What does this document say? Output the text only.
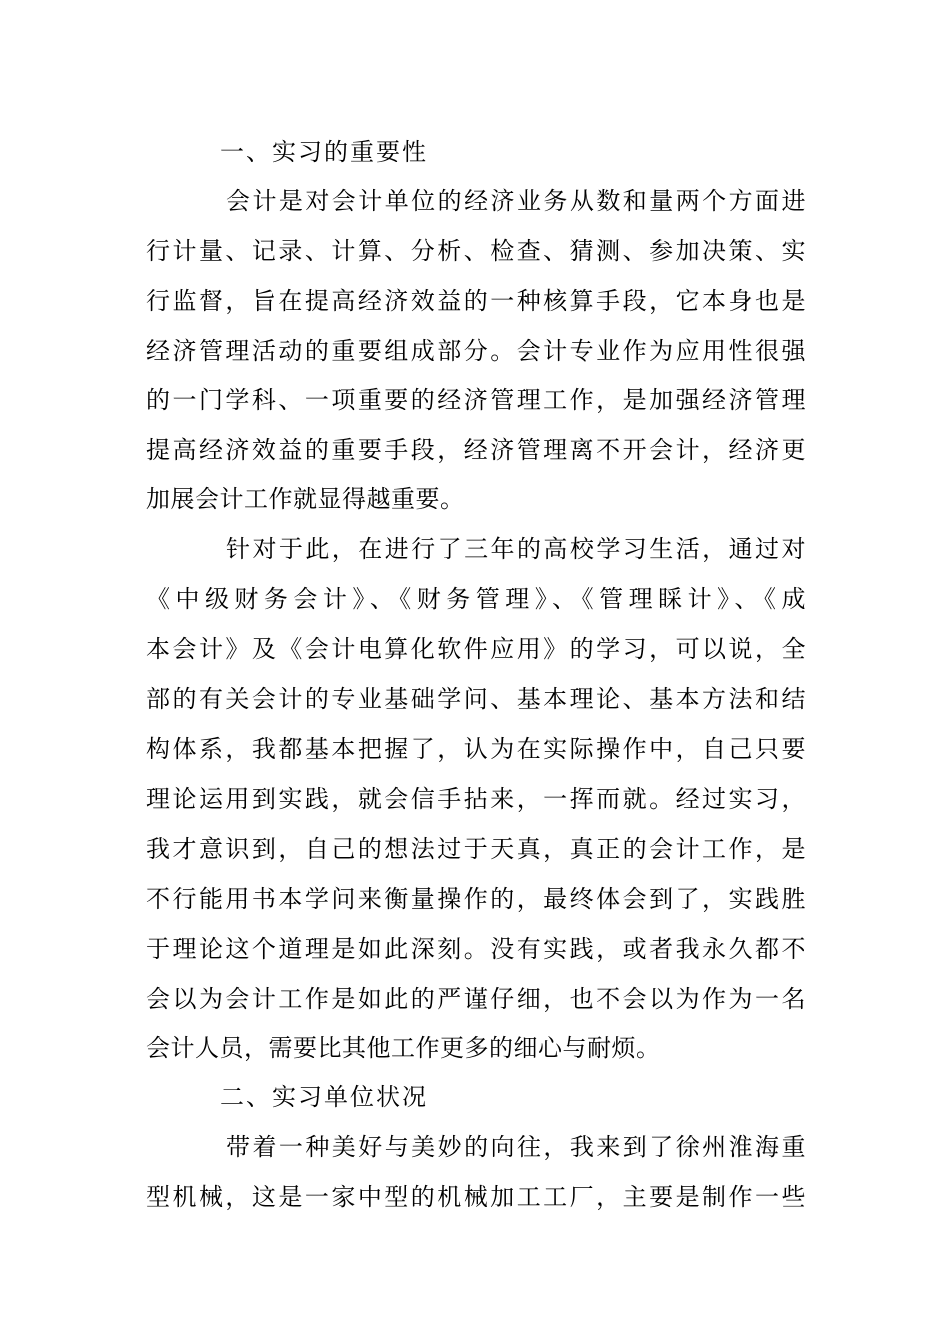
一、实习的重要性
会计是对会计单位的经济业务从数和量两个方面进
行计量、记录、计算、分析、检查、猜测、参加决策、实
行监督，旨在提高经济效益的一种核算手段，它本身也是
经济管理活动的重要组成部分。会计专业作为应用性很强
的一门学科、一项重要的经济管理工作，是加强经济管理
提高经济效益的重要手段，经济管理离不开会计，经济更
加展会计工作就显得越重要。
针对于此，在进行了三年的高校学习生活，通过对
《中级财务会计》、《财务管理》、《管理睬计》、《成
本会计》及《会计电算化软件应用》的学习，可以说，全
部的有关会计的专业基础学问、基本理论、基本方法和结
构体系，我都基本把握了，认为在实际操作中，自己只要
理论运用到实践，就会信手拈来，一挥而就。经过实习，
我才意识到，自己的想法过于天真，真正的会计工作，是
不行能用书本学问来衡量操作的，最终体会到了，实践胜
于理论这个道理是如此深刻。没有实践，或者我永久都不
会以为会计工作是如此的严谨仔细，也不会以为作为一名
会计人员，需要比其他工作更多的细心与耐烦。
二、实习单位状况
带着一种美好与美妙的向往，我来到了徐州淮海重
型机械，这是一家中型的机械加工工厂，主要是制作一些
